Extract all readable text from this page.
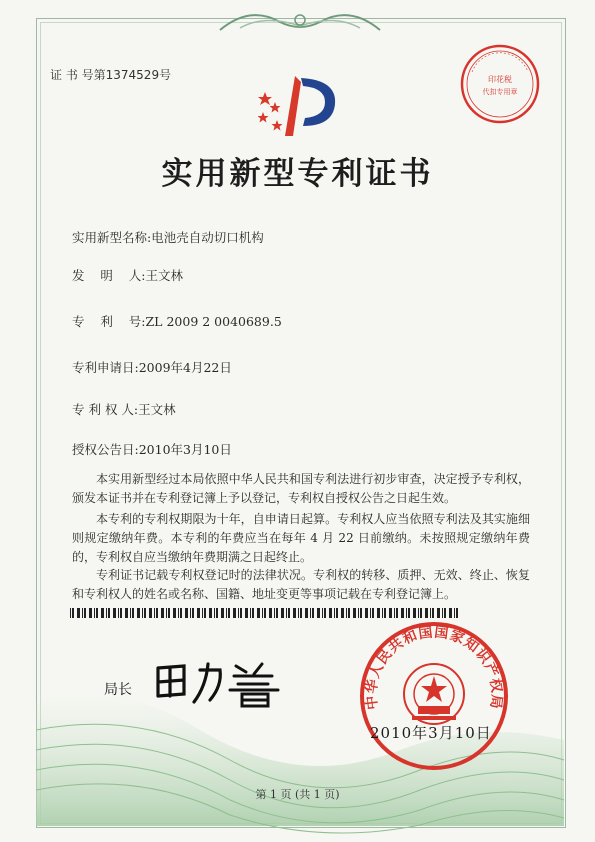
证 书 号第1374529号	印花税
代扣专用章
实用新型专利证书
实用新型名称:电池壳自动切口机构
发    明    人:王文林
专    利    号:ZL 2009 2 0040689.5
专利申请日:2009年4月22日
专 利 权 人:王文林
授权公告日:2010年3月10日
本实用新型经过本局依照中华人民共和国专利法进行初步审查，决定授予专利权，颁发本证书并在专利登记簿上予以登记，专利权自授权公告之日起生效。
本专利的专利权期限为十年，自申请日起算。专利权人应当依照专利法及其实施细则规定缴纳年费。本专利的年费应当在每年 4 月 22 日前缴纳。未按照规定缴纳年费的，专利权自应当缴纳年费期满之日起终止。
专利证书记载专利权登记时的法律状况。专利权的转移、质押、无效、终止、恢复和专利权人的姓名或名称、国籍、地址变更等事项记载在专利登记簿上。
局长
中华人民共和国国家知识产权局
2010年3月10日
第 1 页 (共 1 页)
